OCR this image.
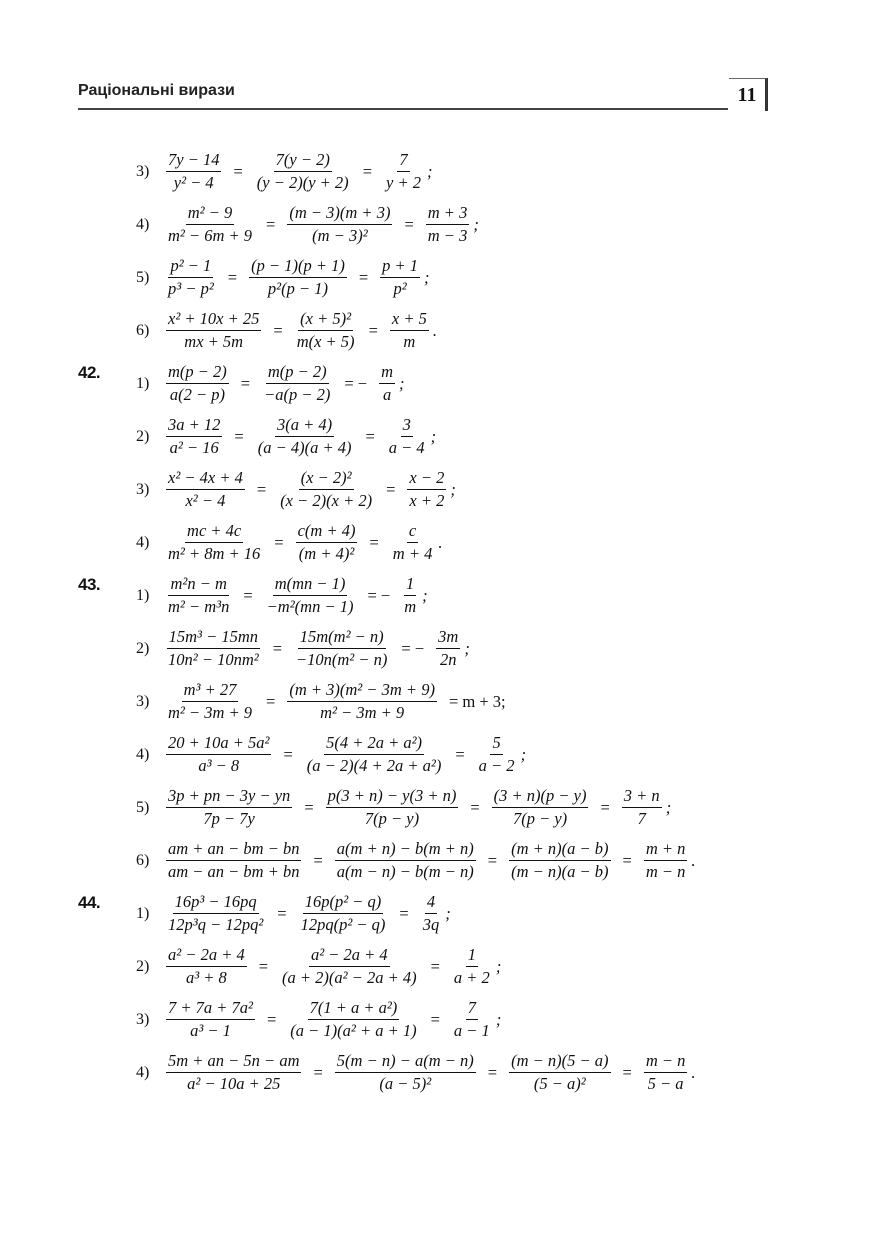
Раціональні вирази	11
3)	$\frac{7y - 14}{\text{y² − 4}} = \frac{7(y - 2)}{(y - 2)(y + 2)} = \frac{7}{y + 2}$ ;
4)	$\frac{\text{m² − 9}}{\text{m² − 6m + 9}} = \frac{(m - 3)(m + 3)}{\text{(m − 3)²}} = \frac{m + 3}{m - 3}$ ;
5)	$\frac{\text{p² − 1}}{\text{p³ − p²}} = \frac{(p - 1)(p + 1)}{\text{p²(p − 1)}} = \frac{p + 1}{\text{p²}}$ ;
6)	$\frac{\text{x² + 10x + 25}}{mx + 5m} = \frac{\text{(x + 5)²}}{m(x + 5)} = \frac{x + 5}{m}$ .
42.
1)	$\frac{m(p - 2)}{a(2 - p)} = \frac{m(p - 2)}{-a(p - 2)}$ = − $\frac{m}{a}$ ;
2)	$\frac{3a + 12}{\text{a² − 16}} = \frac{3(a + 4)}{(a - 4)(a + 4)} = \frac{3}{a - 4}$ ;
3)	$\frac{\text{x² − 4x + 4}}{\text{x² − 4}} = \frac{\text{(x − 2)²}}{(x - 2)(x + 2)} = \frac{x - 2}{x + 2}$ ;
4)	$\frac{mc + 4c}{\text{m² + 8m + 16}} = \frac{c(m + 4)}{\text{(m + 4)²}} = \frac{c}{m + 4}$ .
43.
1)	$\frac{\text{m²n − m}}{\text{m² − m³n}} = \frac{m(mn - 1)}{\text{−m²(mn − 1)}}$ = − $\frac{1}{m}$ ;
2)	$\frac{\text{15m³ − 15mn}}{\text{10n² − 10nm²}} = \frac{\text{15m(m² − n)}}{\text{−10n(m² − n)}}$ = − $\frac{3m}{2n}$ ;
3)	$\frac{\text{m³ + 27}}{\text{m² − 3m + 9}} = \frac{\text{(m + 3)(m² − 3m + 9)}}{\text{m² − 3m + 9}} = m + 3$;
4)	$\frac{\text{20 + 10a + 5a²}}{\text{a³ − 8}} = \frac{\text{5(4 + 2a + a²)}}{\text{(a − 2)(4 + 2a + a²)}} = \frac{5}{a - 2}$ ;
5)	$\frac{3p + pn - 3y - yn}{7p - 7y} = \frac{p(3 + n) - y(3 + n)}{7(p - y)} = \frac{(3 + n)(p - y)}{7(p - y)} = \frac{3 + n}{7}$ ;
6)	$\frac{am + an - bm - bn}{am - an - bm + bn} = \frac{a(m + n) - b(m + n)}{a(m - n) - b(m - n)} = \frac{(m + n)(a - b)}{(m - n)(a - b)} = \frac{m + n}{m - n}$ .
44.
1)	$\frac{\text{16p³ − 16pq}}{\text{12p³q − 12pq²}} = \frac{\text{16p(p² − q)}}{\text{12pq(p² − q)}} = \frac{4}{3q}$ ;
2)	$\frac{\text{a² − 2a + 4}}{\text{a³ + 8}} = \frac{\text{a² − 2a + 4}}{\text{(a + 2)(a² − 2a + 4)}} = \frac{1}{a + 2}$ ;
3)	$\frac{\text{7 + 7a + 7a²}}{\text{a³ − 1}} = \frac{\text{7(1 + a + a²)}}{\text{(a − 1)(a² + a + 1)}} = \frac{7}{a - 1}$ ;
4)	$\frac{5m + an - 5n - am}{\text{a² − 10a + 25}} = \frac{5(m - n) - a(m - n)}{\text{(a − 5)²}} = \frac{(m - n)(5 - a)}{\text{(5 − a)²}} = \frac{m - n}{5 - a}$ .
